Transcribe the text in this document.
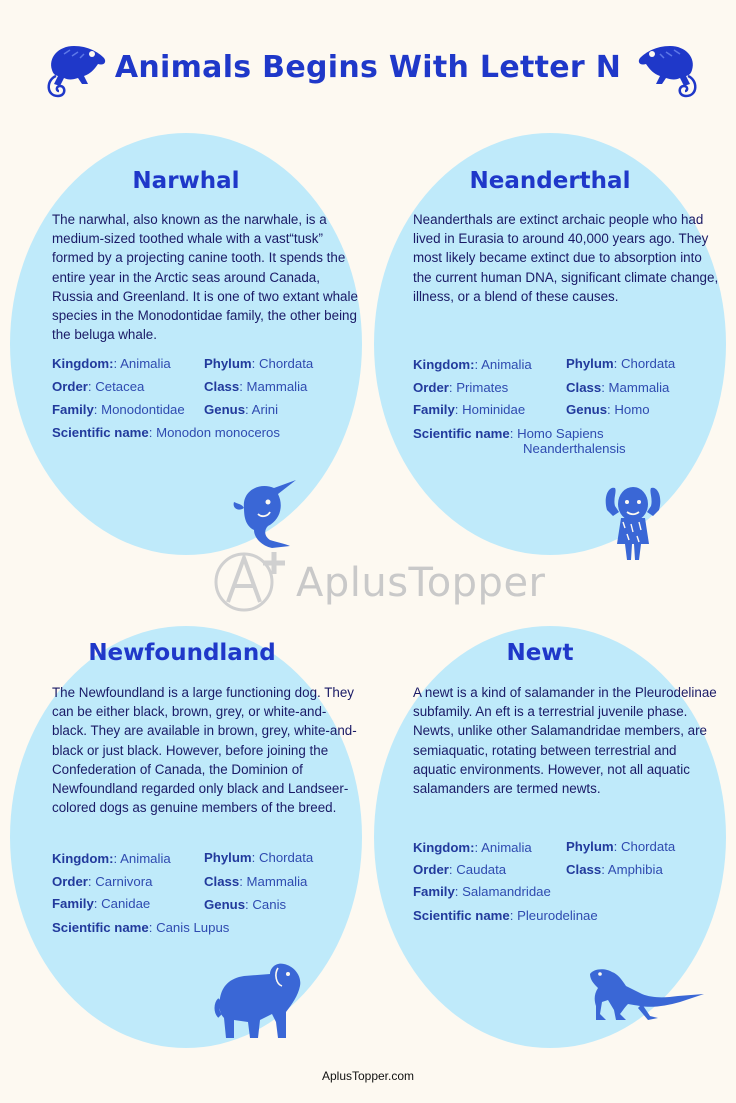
Animals Begins With Letter N
Narwhal

The narwhal, also known as the narwhale, is a medium-sized toothed whale with a vast“tusk” formed by a projecting canine tooth. It spends the entire year in the Arctic seas around Canada, Russia and Greenland. It is one of two extant whale species in the Monodontidae family, the other being the beluga whale.

Kingdom:: Animalia	Phylum: Chordata
Order: Cetacea	Class: Mammalia
Family: Monodontidae Genus: Arini
Scientific name: Monodon monoceros
Neanderthal

Neanderthals are extinct archaic people who had lived in Eurasia to around 40,000 years ago. They most likely became extinct due to absorption into the current human DNA, significant climate change, illness, or a blend of these causes.

Kingdom:: Animalia	Phylum: Chordata
Order: Primates	Class: Mammalia
Family: Hominidae	Genus: Homo
Scientific name: Homo Sapiens
Neanderthalensis
AplusTopper
Newfoundland

The Newfoundland is a large functioning dog. They can be either black, brown, grey, or white-and-black. They are available in brown, grey, white-and-black or just black. However, before joining the Confederation of Canada, the Dominion of Newfoundland regarded only black and Landseer-colored dogs as genuine members of the breed.

Kingdom:: Animalia	Phylum: Chordata
Order: Carnivora	Class: Mammalia
Family: Canidae	Genus: Canis
Scientific name: Canis Lupus
Newt

A newt is a kind of salamander in the Pleurodelinae subfamily. An eft is a terrestrial juvenile phase. Newts, unlike other Salamandridae members, are semiaquatic, rotating between terrestrial and aquatic environments. However, not all aquatic salamanders are termed newts.

Kingdom:: Animalia	Phylum: Chordata
Order: Caudata	Class: Amphibia
Family: Salamandridae
Scientific name: Pleurodelinae
AplusTopper.com
